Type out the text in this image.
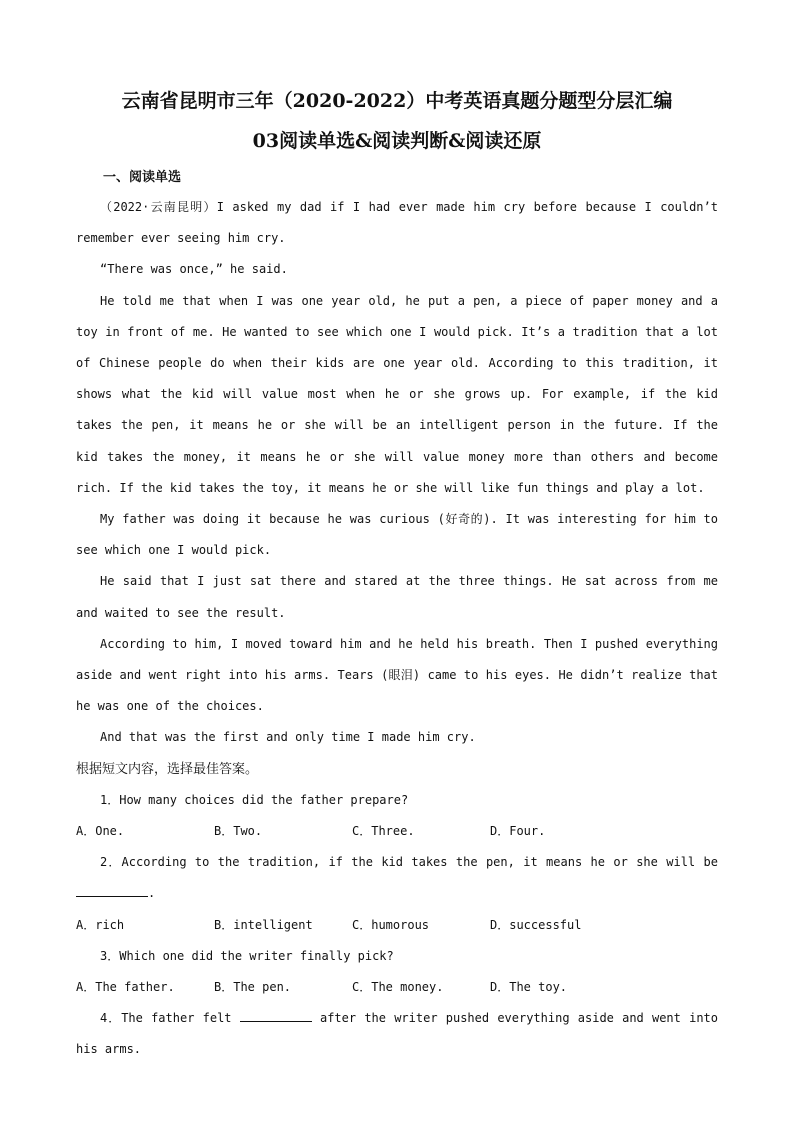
云南省昆明市三年（2020-2022）中考英语真题分题型分层汇编
03阅读单选&阅读判断&阅读还原
一、阅读单选

（2022·云南昆明）I asked my dad if I had ever made him cry before because I couldn’t remember ever seeing him cry.

“There was once,” he said.

He told me that when I was one year old, he put a pen, a piece of paper money and a toy in front of me. He wanted to see which one I would pick. It’s a tradition that a lot of Chinese people do when their kids are one year old. According to this tradition, it shows what the kid will value most when he or she grows up. For example, if the kid takes the pen, it means he or she will be an intelligent person in the future. If the kid takes the money, it means he or she will value money more than others and become rich. If the kid takes the toy, it means he or she will like fun things and play a lot.

My father was doing it because he was curious (好奇的). It was interesting for him to see which one I would pick.

He said that I just sat there and stared at the three things. He sat across from me and waited to see the result.

According to him, I moved toward him and he held his breath. Then I pushed everything aside and went right into his arms. Tears (眼泪) came to his eyes. He didn’t realize that he was one of the choices.

And that was the first and only time I made him cry.

根据短文内容，选择最佳答案。

1．How many choices did the father prepare?

A．One.	B．Two.	C．Three.	D．Four.

2．According to the tradition, if the kid takes the pen, it means he or she will be .

A．rich	B．intelligent	C．humorous	D．successful

3．Which one did the writer finally pick?

A．The father.	B．The pen.	C．The money.	D．The toy.

4．The father felt	after the writer pushed everything aside and went into his arms.
